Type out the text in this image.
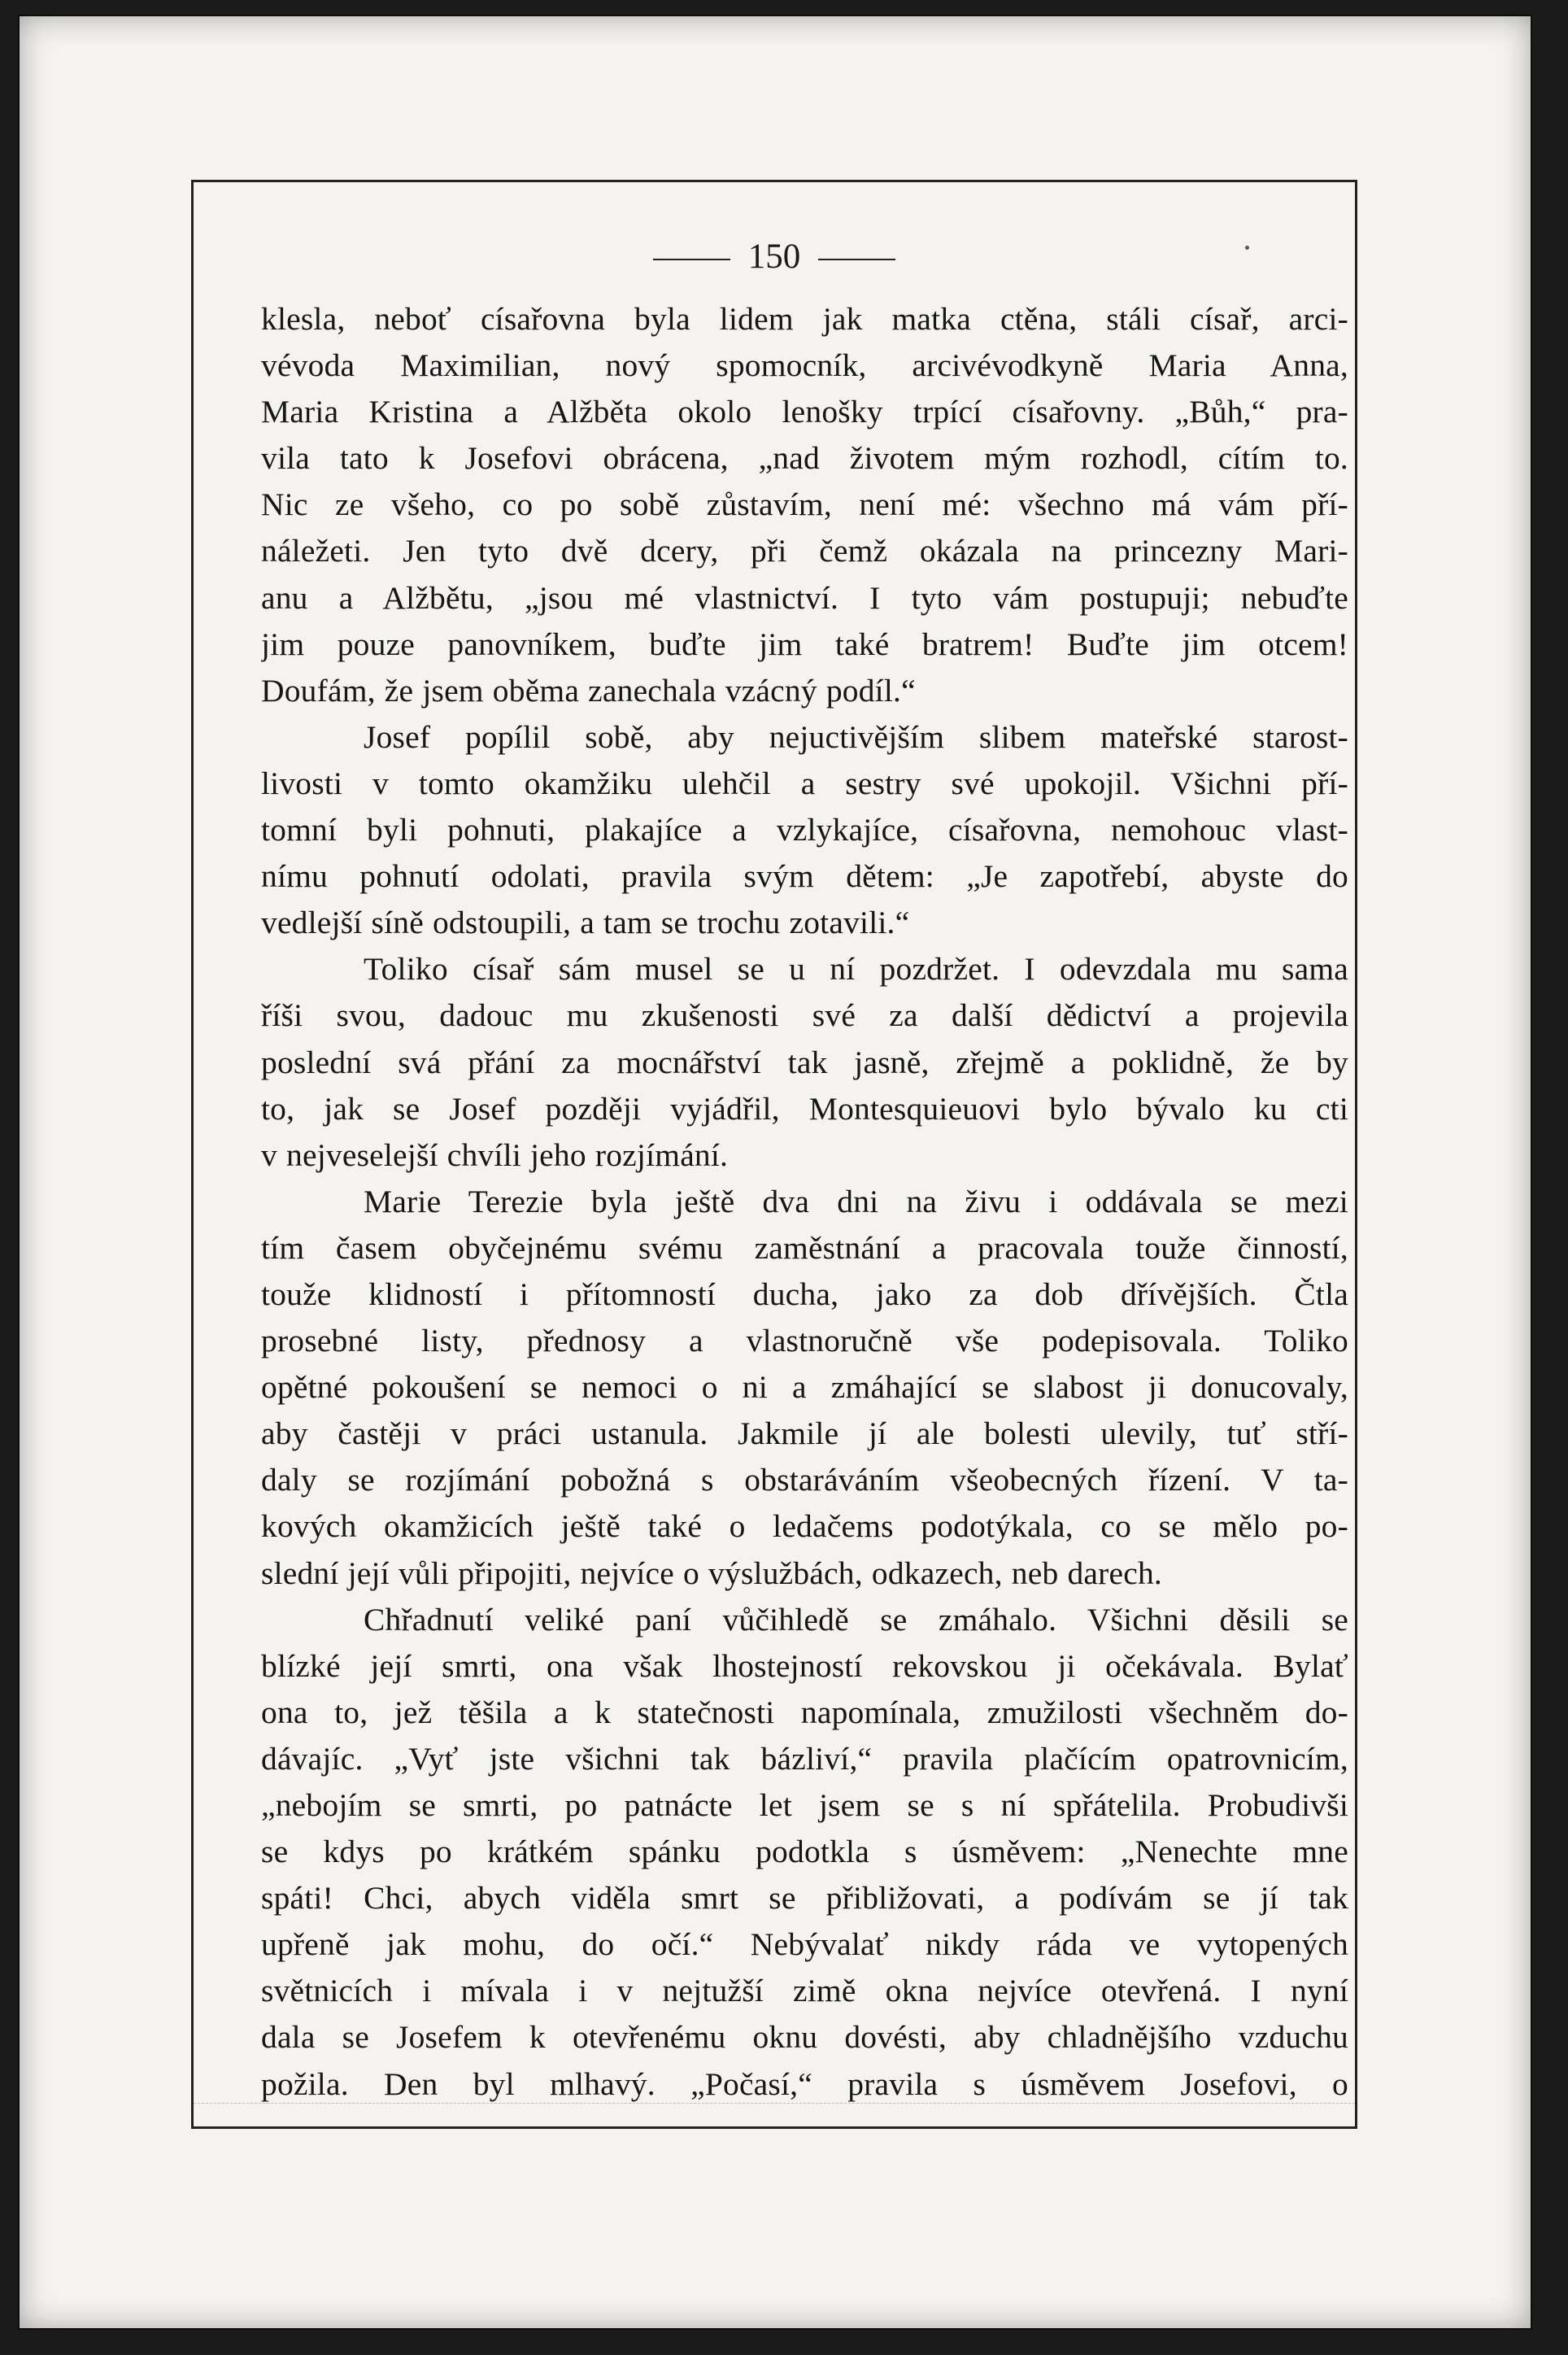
150
klesla, neboť císařovna byla lidem jak matka ctěna, stáli císař, arci-
vévoda Maximilian, nový spomocník, arcivévodkyně Maria Anna,
Maria Kristina a Alžběta okolo lenošky trpící císařovny. „Bůh,“ pra-
vila tato k Josefovi obrácena, „nad životem mým rozhodl, cítím to.
Nic ze všeho, co po sobě zůstavím, není mé: všechno má vám pří-
náležeti. Jen tyto dvě dcery, při čemž okázala na princezny Mari-
anu a Alžbětu, „jsou mé vlastnictví. I tyto vám postupuji; nebuďte
jim pouze panovníkem, buďte jim také bratrem! Buďte jim otcem!
Doufám, že jsem oběma zanechala vzácný podíl.“
Josef popílil sobě, aby nejuctivějším slibem mateřské starost-
livosti v tomto okamžiku ulehčil a sestry své upokojil. Všichni pří-
tomní byli pohnuti, plakajíce a vzlykajíce, císařovna, nemohouc vlast-
nímu pohnutí odolati, pravila svým dětem: „Je zapotřebí, abyste do
vedlejší síně odstoupili, a tam se trochu zotavili.“
Toliko císař sám musel se u ní pozdržet. I odevzdala mu sama
říši svou, dadouc mu zkušenosti své za další dědictví a projevila
poslední svá přání za mocnářství tak jasně, zřejmě a poklidně, že by
to, jak se Josef později vyjádřil, Montesquieuovi bylo bývalo ku cti
v nejveselejší chvíli jeho rozjímání.
Marie Terezie byla ještě dva dni na živu i oddávala se mezi
tím časem obyčejnému svému zaměstnání a pracovala touže činností,
touže klidností i přítomností ducha, jako za dob dřívějších. Čtla
prosebné listy, přednosy a vlastnoručně vše podepisovala. Toliko
opětné pokoušení se nemoci o ni a zmáhající se slabost ji donucovaly,
aby častěji v práci ustanula. Jakmile jí ale bolesti ulevily, tuť stří-
daly se rozjímání pobožná s obstaráváním všeobecných řízení. V ta-
kových okamžicích ještě také o ledačems podotýkala, co se mělo po-
slední její vůli připojiti, nejvíce o výslužbách, odkazech, neb darech.
Chřadnutí veliké paní vůčihledě se zmáhalo. Všichni děsili se
blízké její smrti, ona však lhostejností rekovskou ji očekávala. Bylať
ona to, jež těšila a k statečnosti napomínala, zmužilosti všechněm do-
dávajíc. „Vyť jste všichni tak bázliví,“ pravila plačícím opatrovnicím,
„nebojím se smrti, po patnácte let jsem se s ní spřátelila. Probudivši
se kdys po krátkém spánku podotkla s úsměvem: „Nenechte mne
spáti! Chci, abych viděla smrt se přibližovati, a podívám se jí tak
upřeně jak mohu, do očí.“ Nebývalať nikdy ráda ve vytopených
světnicích i mívala i v nejtužší zimě okna nejvíce otevřená. I nyní
dala se Josefem k otevřenému oknu dovésti, aby chladnějšího vzduchu
požila. Den byl mlhavý. „Počasí,“ pravila s úsměvem Josefovi, o
